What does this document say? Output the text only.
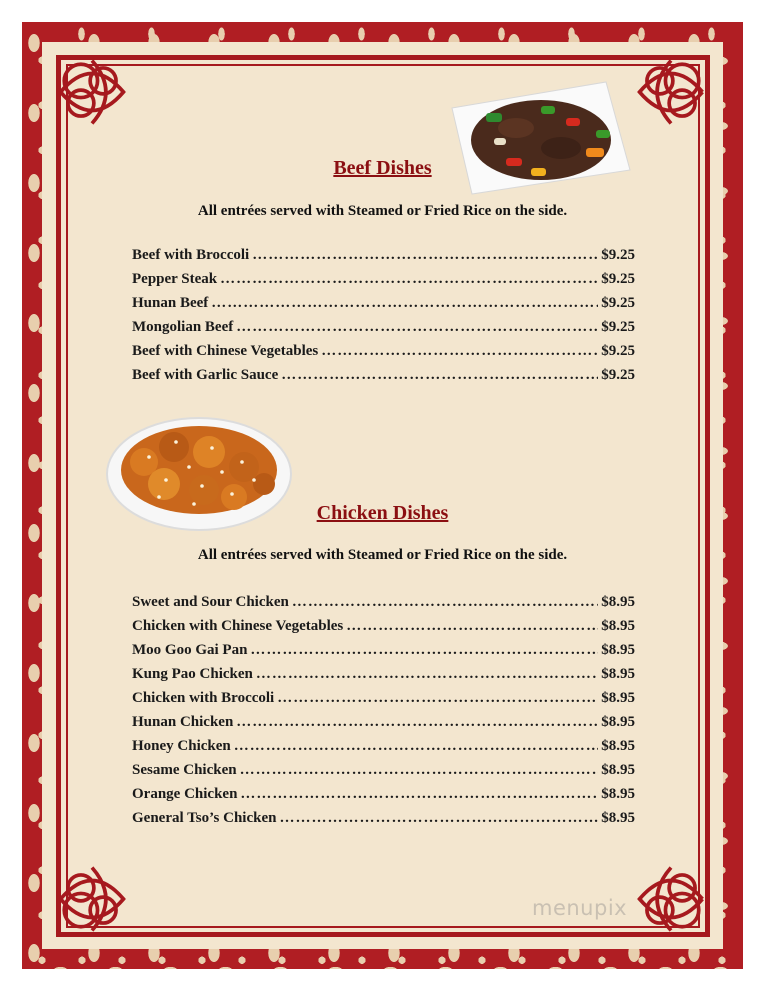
Beef Dishes
All entrées served with Steamed or Fried Rice on the side.
Beef with Broccoli …………………………………………………………………………………………………………	$9.25
Pepper Steak …………………………………………………………………………………………………………	$9.25
Hunan Beef …………………………………………………………………………………………………………	$9.25
Mongolian Beef …………………………………………………………………………………………………………	$9.25
Beef with Chinese Vegetables …………………………………………………………………………………………………………	$9.25
Beef with Garlic Sauce …………………………………………………………………………………………………………	$9.25
Chicken Dishes
All entrées served with Steamed or Fried Rice on the side.
Sweet and Sour Chicken …………………………………………………………………………………………………………	$8.95
Chicken with Chinese Vegetables …………………………………………………………………………………………………………	$8.95
Moo Goo Gai Pan …………………………………………………………………………………………………………	$8.95
Kung Pao Chicken …………………………………………………………………………………………………………	$8.95
Chicken with Broccoli …………………………………………………………………………………………………………	$8.95
Hunan Chicken …………………………………………………………………………………………………………	$8.95
Honey Chicken …………………………………………………………………………………………………………	$8.95
Sesame Chicken …………………………………………………………………………………………………………	$8.95
Orange Chicken …………………………………………………………………………………………………………	$8.95
General Tso’s Chicken …………………………………………………………………………………………………………	$8.95
menupix
